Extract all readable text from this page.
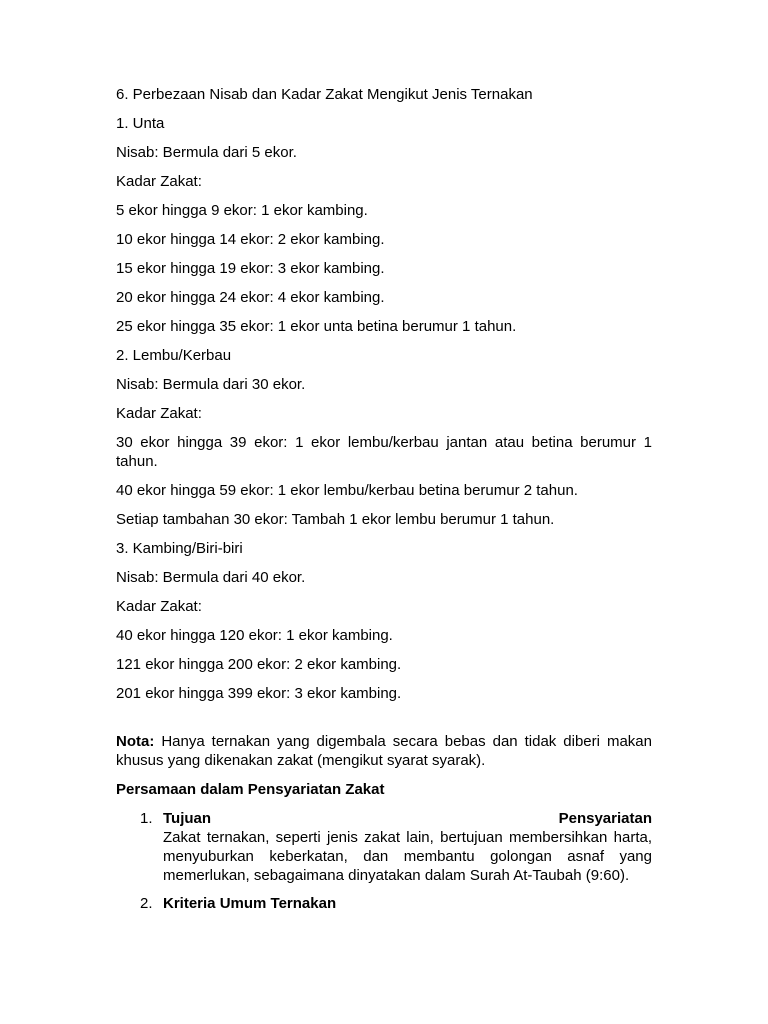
6. Perbezaan Nisab dan Kadar Zakat Mengikut Jenis Ternakan
1. Unta
Nisab: Bermula dari 5 ekor.
Kadar Zakat:
5 ekor hingga 9 ekor: 1 ekor kambing.
10 ekor hingga 14 ekor: 2 ekor kambing.
15 ekor hingga 19 ekor: 3 ekor kambing.
20 ekor hingga 24 ekor: 4 ekor kambing.
25 ekor hingga 35 ekor: 1 ekor unta betina berumur 1 tahun.
2. Lembu/Kerbau
Nisab: Bermula dari 30 ekor.
Kadar Zakat:
30 ekor hingga 39 ekor: 1 ekor lembu/kerbau jantan atau betina berumur 1 tahun.
40 ekor hingga 59 ekor: 1 ekor lembu/kerbau betina berumur 2 tahun.
Setiap tambahan 30 ekor: Tambah 1 ekor lembu berumur 1 tahun.
3. Kambing/Biri-biri
Nisab: Bermula dari 40 ekor.
Kadar Zakat:
40 ekor hingga 120 ekor: 1 ekor kambing.
121 ekor hingga 200 ekor: 2 ekor kambing.
201 ekor hingga 399 ekor: 3 ekor kambing.
Nota: Hanya ternakan yang digembala secara bebas dan tidak diberi makan khusus yang dikenakan zakat (mengikut syarat syarak).
Persamaan dalam Pensyariatan Zakat
1. Tujuan	Pensyariatan
Zakat ternakan, seperti jenis zakat lain, bertujuan membersihkan harta, menyuburkan keberkatan, dan membantu golongan asnaf yang memerlukan, sebagaimana dinyatakan dalam Surah At-Taubah (9:60).
2. Kriteria Umum Ternakan
